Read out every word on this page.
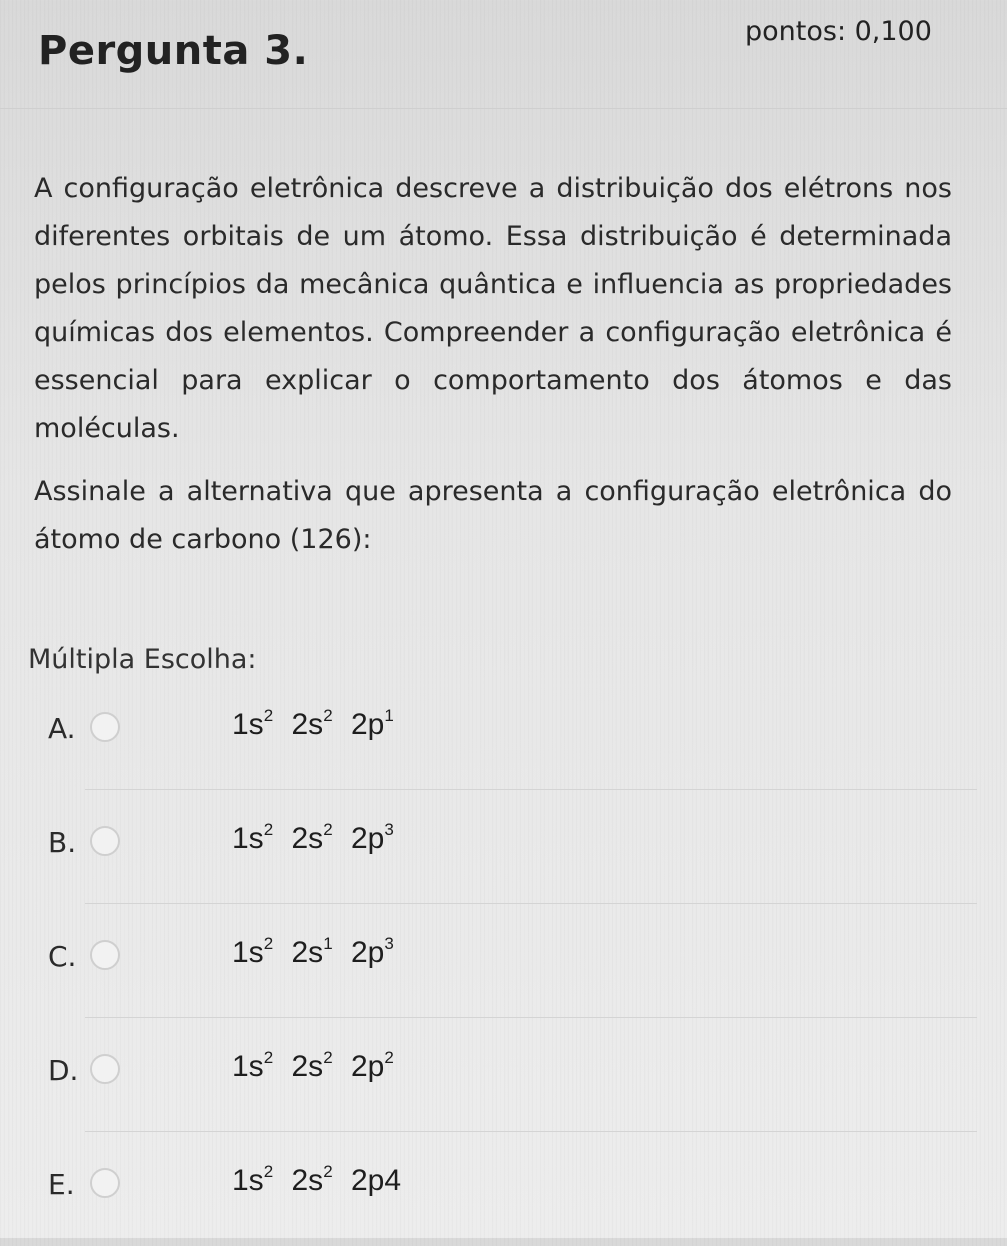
Pergunta 3.	pontos: 0,100

A configuração eletrônica descreve a distribuição dos elétrons nos diferentes orbitais de um átomo. Essa distribuição é determinada pelos princípios da mecânica quântica e influencia as propriedades químicas dos elementos. Compreender a configuração eletrônica é essencial para explicar o comportamento dos átomos e das moléculas.

Assinale a alternativa que apresenta a configuração eletrônica do átomo de carbono (126):

Múltipla Escolha:
A.	$1s^2$ $2s^2$ $2p^1$
B.	$1s^2$ $2s^2$ $2p^3$
C.	$1s^2$ $2s^1$ $2p^3$
D.	$1s^2$ $2s^2$ $2p^2$
E.	$1s^2$ $2s^2$ 2p4
